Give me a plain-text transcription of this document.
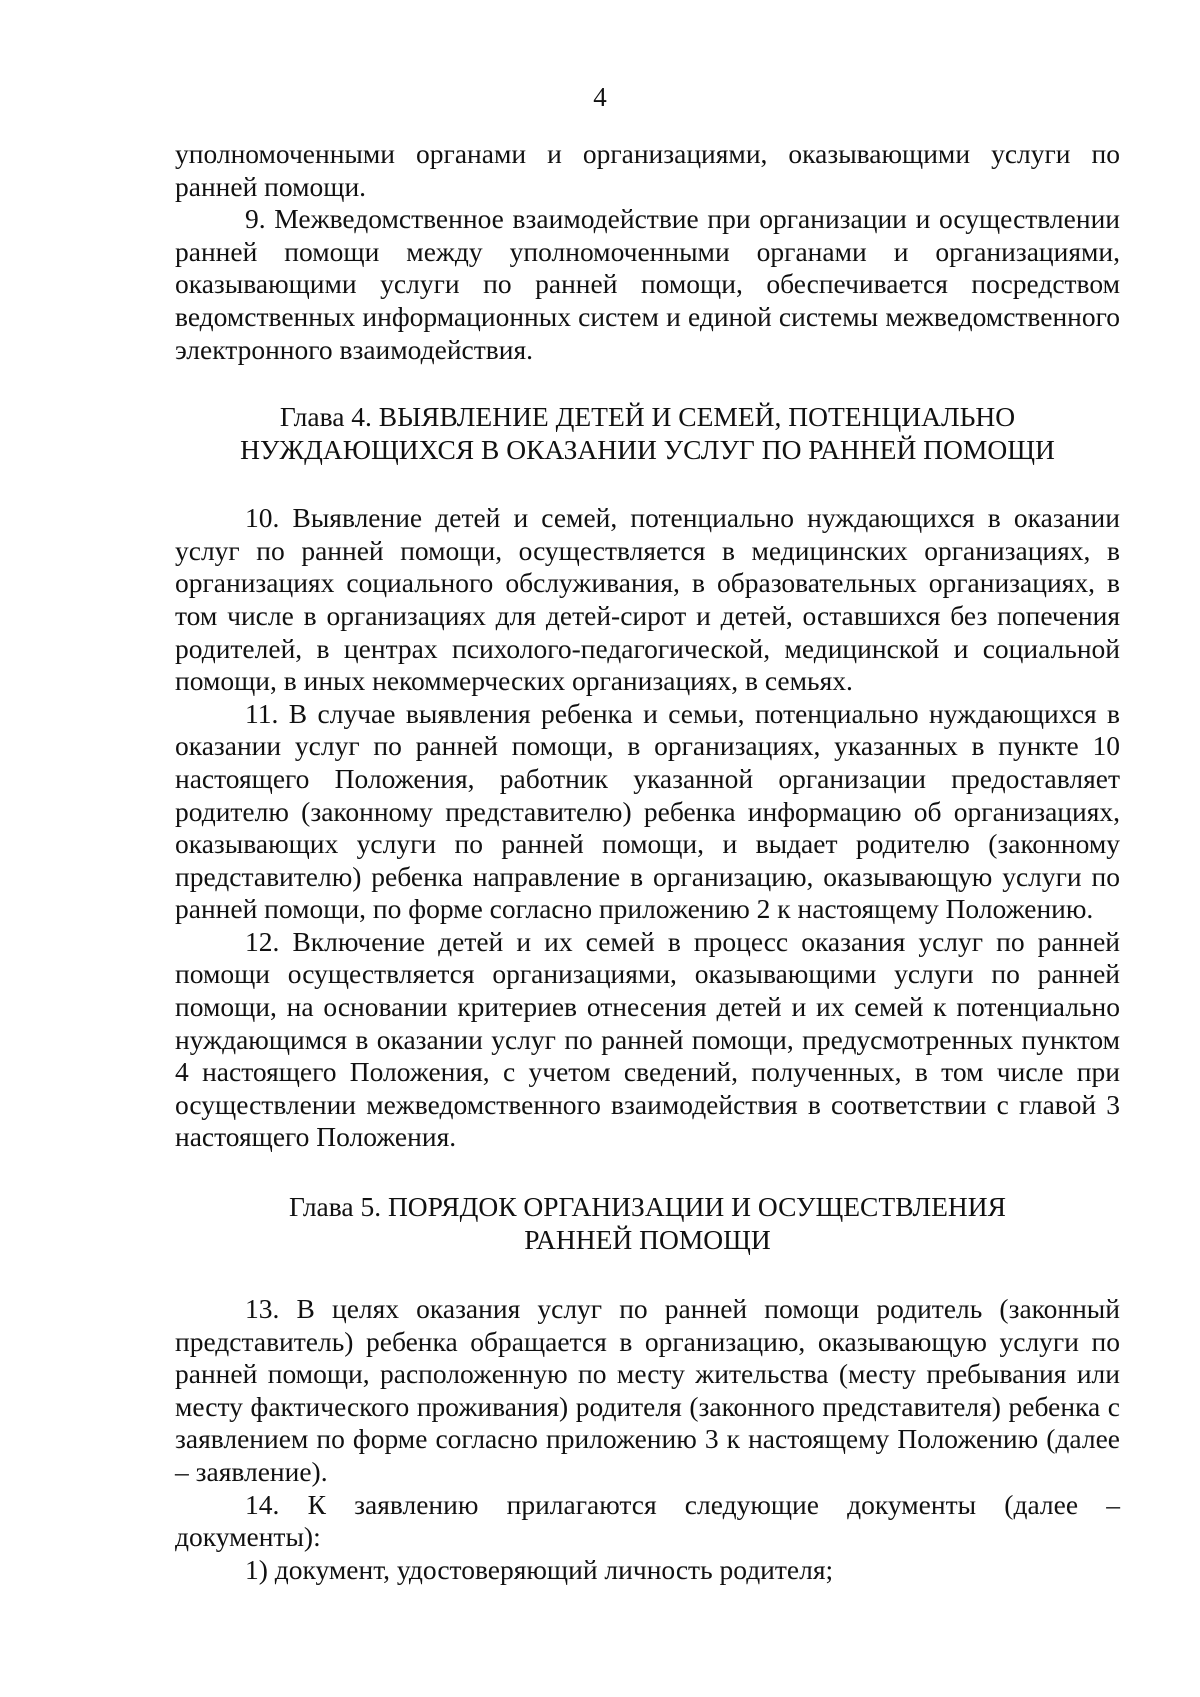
4

уполномоченными органами и организациями, оказывающими услуги по ранней помощи.

9. Межведомственное взаимодействие при организации и осуществлении ранней помощи между уполномоченными органами и организациями, оказывающими услуги по ранней помощи, обеспечивается посредством ведомственных информационных систем и единой системы межведомственного электронного взаимодействия.

Глава 4. ВЫЯВЛЕНИЕ ДЕТЕЙ И СЕМЕЙ, ПОТЕНЦИАЛЬНО

НУЖДАЮЩИХСЯ В ОКАЗАНИИ УСЛУГ ПО РАННЕЙ ПОМОЩИ

10. Выявление детей и семей, потенциально нуждающихся в оказании услуг по ранней помощи, осуществляется в медицинских организациях, в организациях социального обслуживания, в образовательных организациях, в том числе в организациях для детей-сирот и детей, оставшихся без попечения родителей, в центрах психолого-педагогической, медицинской и социальной помощи, в иных некоммерческих организациях, в семьях.

11. В случае выявления ребенка и семьи, потенциально нуждающихся в оказании услуг по ранней помощи, в организациях, указанных в пункте 10 настоящего Положения, работник указанной организации предоставляет родителю (законному представителю) ребенка информацию об организациях, оказывающих услуги по ранней помощи, и выдает родителю (законному представителю) ребенка направление в организацию, оказывающую услуги по ранней помощи, по форме согласно приложению 2 к настоящему Положению.

12. Включение детей и их семей в процесс оказания услуг по ранней помощи осуществляется организациями, оказывающими услуги по ранней помощи, на основании критериев отнесения детей и их семей к потенциально нуждающимся в оказании услуг по ранней помощи, предусмотренных пунктом 4 настоящего Положения, с учетом сведений, полученных, в том числе при осуществлении межведомственного взаимодействия в соответствии с главой 3 настоящего Положения.

Глава 5. ПОРЯДОК ОРГАНИЗАЦИИ И ОСУЩЕСТВЛЕНИЯ

РАННЕЙ ПОМОЩИ

13. В целях оказания услуг по ранней помощи родитель (законный представитель) ребенка обращается в организацию, оказывающую услуги по ранней помощи, расположенную по месту жительства (месту пребывания или месту фактического проживания) родителя (законного представителя) ребенка с заявлением по форме согласно приложению 3 к настоящему Положению (далее – заявление).

14. К заявлению прилагаются следующие документы (далее – документы):

1) документ, удостоверяющий личность родителя;
